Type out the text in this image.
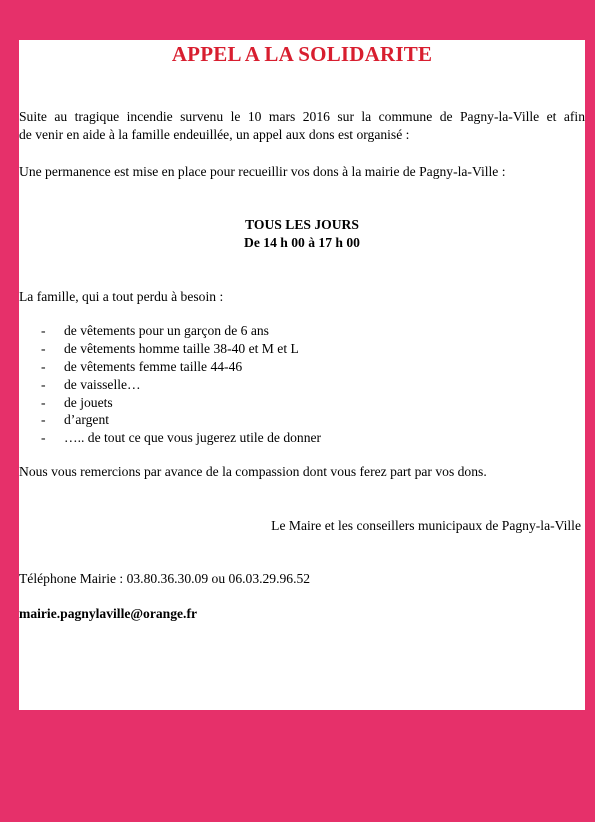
APPEL A LA SOLIDARITE
Suite au tragique incendie survenu le 10 mars 2016 sur la commune de Pagny-la-Ville et afin
de venir en aide à la famille endeuillée, un appel aux dons est organisé :
Une permanence est mise en place pour recueillir vos dons à la mairie de Pagny-la-Ville :
TOUS LES JOURS
De 14 h 00 à 17 h 00
La famille, qui a tout perdu à besoin :
- de vêtements pour un garçon de 6 ans
- de vêtements homme taille 38-40 et M et L
- de vêtements femme taille 44-46
- de vaisselle…
- de jouets
- d’argent
- ….. de tout ce que vous jugerez utile de donner
Nous vous remercions par avance de la compassion dont vous ferez part par vos dons.
Le Maire et les conseillers municipaux de Pagny-la-Ville
Téléphone Mairie : 03.80.36.30.09 ou 06.03.29.96.52
mairie.pagnylaville@orange.fr
